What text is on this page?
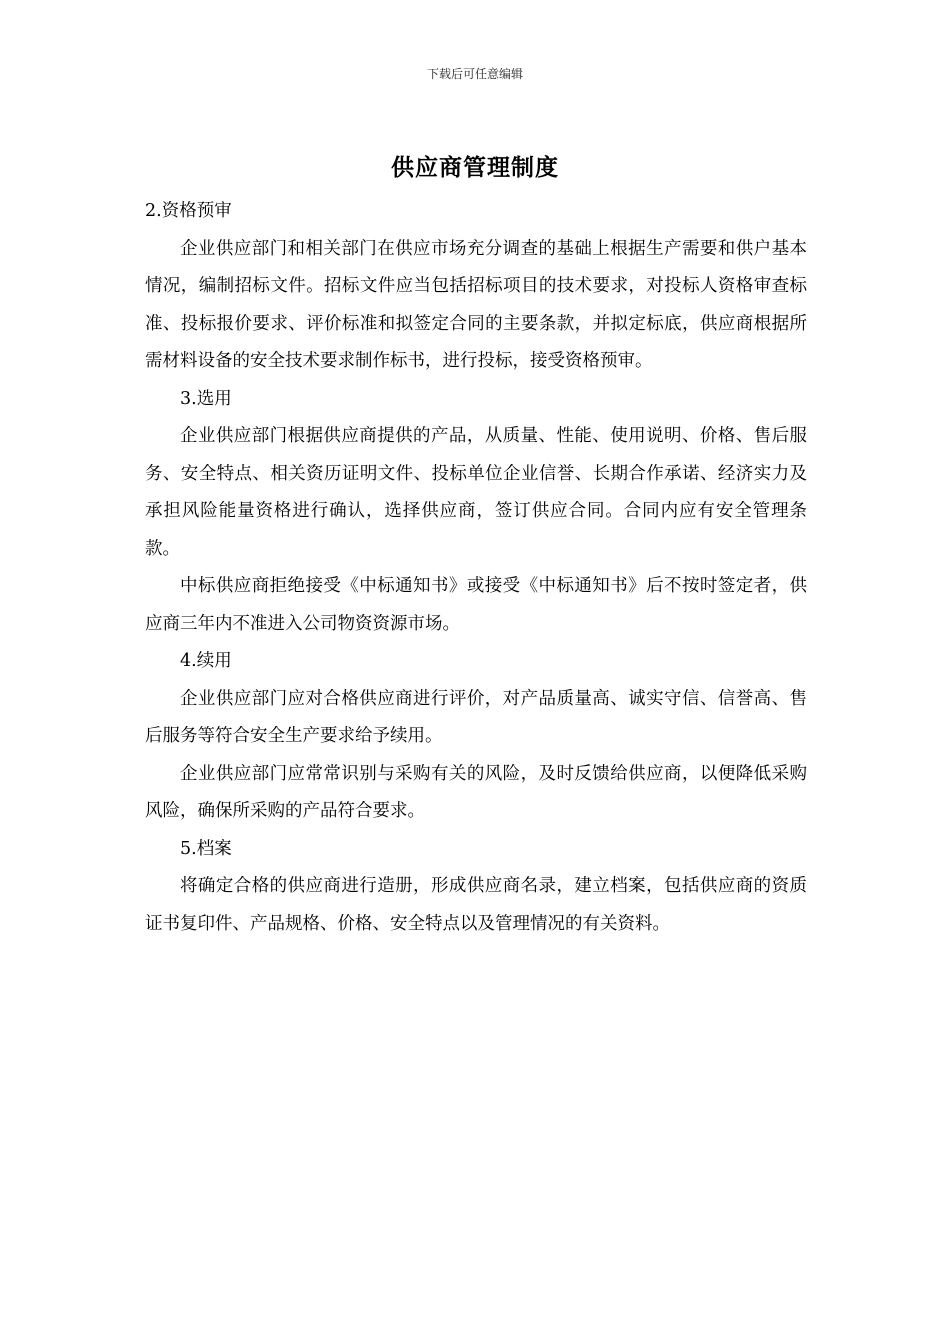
下载后可任意编辑
供应商管理制度

2.资格预审

企业供应部门和相关部门在供应市场充分调查的基础上根据生产需要和供户基本情况，编制招标文件。招标文件应当包括招标项目的技术要求，对投标人资格审查标准、投标报价要求、评价标准和拟签定合同的主要条款，并拟定标底，供应商根据所需材料设备的安全技术要求制作标书，进行投标，接受资格预审。

3.选用

企业供应部门根据供应商提供的产品，从质量、性能、使用说明、价格、售后服务、安全特点、相关资历证明文件、投标单位企业信誉、长期合作承诺、经济实力及承担风险能量资格进行确认，选择供应商，签订供应合同。合同内应有安全管理条款。

中标供应商拒绝接受《中标通知书》或接受《中标通知书》后不按时签定者，供应商三年内不准进入公司物资资源市场。

4.续用

企业供应部门应对合格供应商进行评价，对产品质量高、诚实守信、信誉高、售后服务等符合安全生产要求给予续用。

企业供应部门应常常识别与采购有关的风险，及时反馈给供应商，以便降低采购风险，确保所采购的产品符合要求。

5.档案

将确定合格的供应商进行造册，形成供应商名录，建立档案，包括供应商的资质证书复印件、产品规格、价格、安全特点以及管理情况的有关资料。
